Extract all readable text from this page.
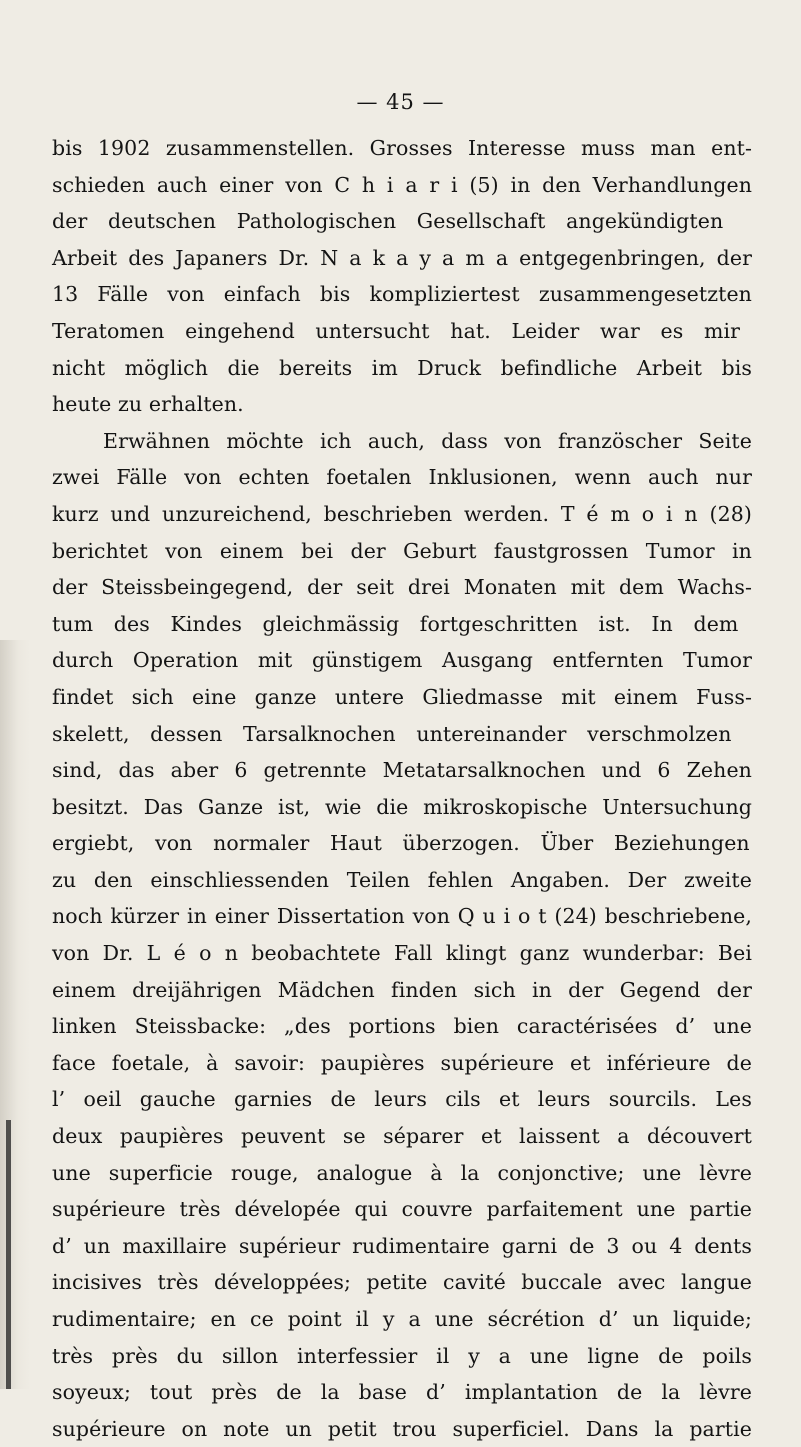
— 45 —
bis 1902 zusammenstellen. Grosses Interesse muss man ent-
schieden auch einer von C h i a r i (5) in den Verhandlungen
der deutschen Pathologischen Gesellschaft angekündigten
Arbeit des Japaners Dr. N a k a y a m a entgegenbringen, der
13 Fälle von einfach bis kompliziertest zusammengesetzten
Teratomen eingehend untersucht hat. Leider war es mir
nicht möglich die bereits im Druck befindliche Arbeit bis
heute zu erhalten.
Erwähnen möchte ich auch, dass von französcher Seite
zwei Fälle von echten foetalen Inklusionen, wenn auch nur
kurz und unzureichend, beschrieben werden. T é m o i n (28)
berichtet von einem bei der Geburt faustgrossen Tumor in
der Steissbeingegend, der seit drei Monaten mit dem Wachs-
tum des Kindes gleichmässig fortgeschritten ist. In dem
durch Operation mit günstigem Ausgang entfernten Tumor
findet sich eine ganze untere Gliedmasse mit einem Fuss-
skelett, dessen Tarsalknochen untereinander verschmolzen
sind, das aber 6 getrennte Metatarsalknochen und 6 Zehen
besitzt. Das Ganze ist, wie die mikroskopische Untersuchung
ergiebt, von normaler Haut überzogen. Über Beziehungen
zu den einschliessenden Teilen fehlen Angaben. Der zweite
noch kürzer in einer Dissertation von Q u i o t (24) beschriebene,
von Dr. L é o n beobachtete Fall klingt ganz wunderbar: Bei
einem dreijährigen Mädchen finden sich in der Gegend der
linken Steissbacke: „des portions bien caractérisées d’ une
face foetale, à savoir: paupières supérieure et inférieure de
l’ oeil gauche garnies de leurs cils et leurs sourcils. Les
deux paupières peuvent se séparer et laissent a découvert
une superficie rouge, analogue à la conjonctive; une lèvre
supérieure très dévelopée qui couvre parfaitement une partie
d’ un maxillaire supérieur rudimentaire garni de 3 ou 4 dents
incisives très développées; petite cavité buccale avec langue
rudimentaire; en ce point il y a une sécrétion d’ un liquide;
très près du sillon interfessier il y a une ligne de poils
soyeux; tout près de la base d’ implantation de la lèvre
supérieure on note un petit trou superficiel. Dans la partie
